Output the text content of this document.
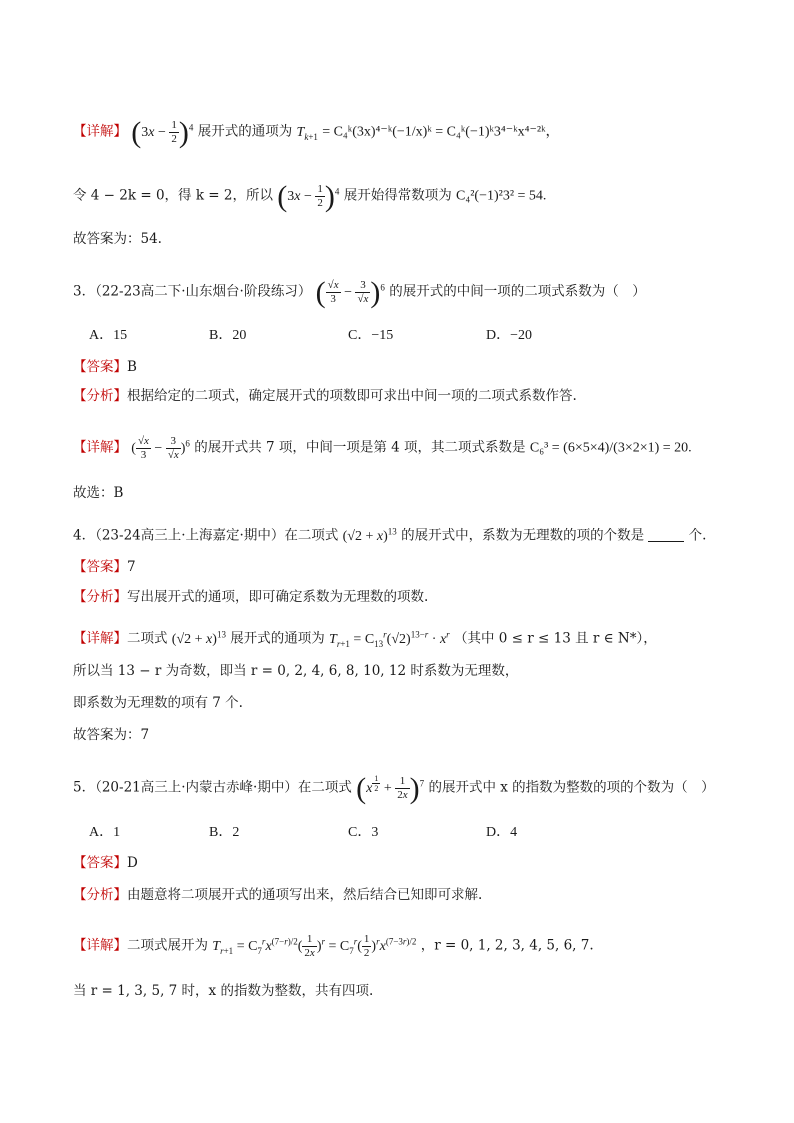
【详解】 $(3x - \frac{1}{2} )^4$ 展开式的通项为 $T_{k+1}$ = C₄ᵏ(3x)⁴⁻ᵏ(−1/x)ᵏ = C₄ᵏ(−1)ᵏ3⁴⁻ᵏx⁴⁻²ᵏ，
令 4 − 2k = 0，得 k = 2，所以 $(3x - \frac{1}{2} )^4$ 展开始得常数项为 C₄²(−1)²3² = 54.
故答案为：54.
3．（22-23高二下·山东烟台·阶段练习） ( $\frac{√x}{3} - \frac{3}{√x} )^6$ 的展开式的中间一项的二项式系数为（　）
A．15	B．20	C．−15	D．−20
【答案】B
【分析】根据给定的二项式，确定展开式的项数即可求出中间一项的二项式系数作答.
【详解】 ( $\frac{√x}{3} - \frac{3}{√x} )^6$ 的展开式共 7 项，中间一项是第 4 项，其二项式系数是 C₆³ = (6×5×4)/(3×2×1) = 20.
故选：B
4．（23-24高三上·上海嘉定·期中）在二项式 $(√2 + x)^{13}$ 的展开式中，系数为无理数的项的个数是	个.
【答案】7
【分析】写出展开式的通项，即可确定系数为无理数的项数.
【详解】二项式 $(√2 + x)^{13}$ 展开式的通项为 $T_{r+1} = C_{13}^r(√2)^{13-r} \cdot x^r$ （其中 0 ≤ r ≤ 13 且 r ∈ N*），
所以当 13 − r 为奇数，即当 r = 0, 2, 4, 6, 8, 10, 12 时系数为无理数，
即系数为无理数的项有 7 个.
故答案为：7
5．（20-21高三上·内蒙古赤峰·期中）在二项式 (x $^{\frac{1}{2}} + \frac{1}{2x} )^7$ 的展开式中 x 的指数为整数的项的个数为（　）
A．1	B．2	C．3	D．4
【答案】D
【分析】由题意将二项展开式的通项写出来，然后结合已知即可求解.
【详解】二项式展开为 $T_{r+1} = C_7^rx^{(7-r)/2}( \frac{1}{2x} )^r = C_7^r( \frac{1}{2} )^rx^{(7-3r)/2}$ ，r = 0, 1, 2, 3, 4, 5, 6, 7.
当 r = 1, 3, 5, 7 时，x 的指数为整数，共有四项.
